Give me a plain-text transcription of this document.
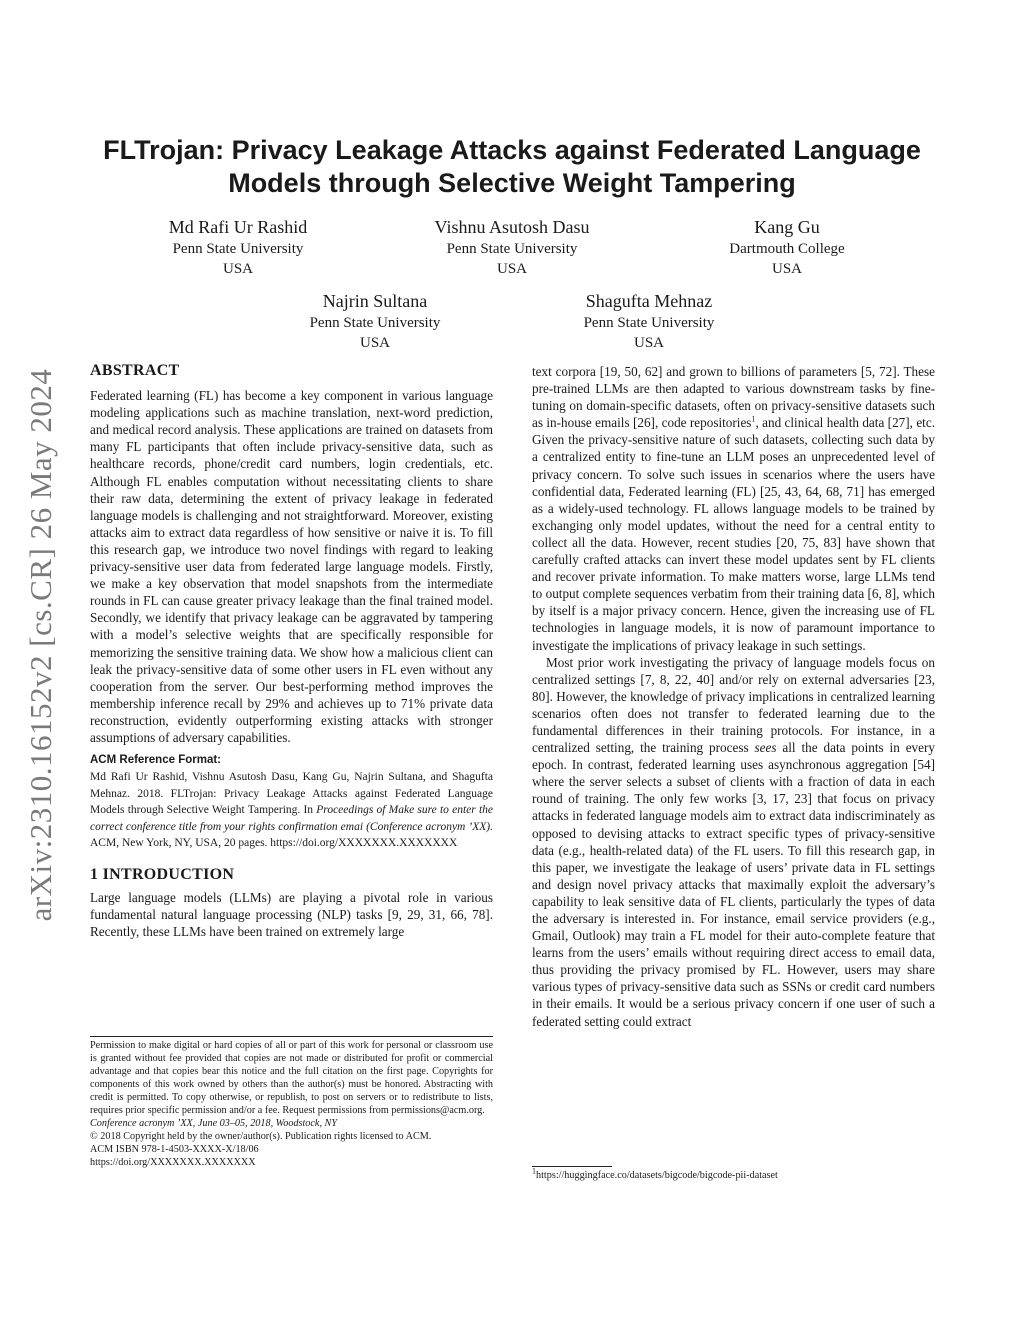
arXiv:2310.16152v2 [cs.CR] 26 May 2024
FLTrojan: Privacy Leakage Attacks against Federated Language
Models through Selective Weight Tampering
Md Rafi Ur Rashid
Penn State University
USA
Vishnu Asutosh Dasu
Penn State University
USA
Kang Gu
Dartmouth College
USA
Najrin Sultana
Penn State University
USA
Shagufta Mehnaz
Penn State University
USA
ABSTRACT

Federated learning (FL) has become a key component in various language modeling applications such as machine translation, next-word prediction, and medical record analysis. These applications are trained on datasets from many FL participants that often include privacy-sensitive data, such as healthcare records, phone/credit card numbers, login credentials, etc. Although FL enables computation without necessitating clients to share their raw data, determining the extent of privacy leakage in federated language models is challenging and not straightforward. Moreover, existing attacks aim to extract data regardless of how sensitive or naive it is. To fill this research gap, we introduce two novel findings with regard to leaking privacy-sensitive user data from federated large language models. Firstly, we make a key observation that model snapshots from the intermediate rounds in FL can cause greater privacy leakage than the final trained model. Secondly, we identify that privacy leakage can be aggravated by tampering with a model’s selective weights that are specifically responsible for memorizing the sensitive training data. We show how a malicious client can leak the privacy-sensitive data of some other users in FL even without any cooperation from the server. Our best-performing method improves the membership inference recall by 29% and achieves up to 71% private data reconstruction, evidently outperforming existing attacks with stronger assumptions of adversary capabilities.

ACM Reference Format:

Md Rafi Ur Rashid, Vishnu Asutosh Dasu, Kang Gu, Najrin Sultana, and Shagufta Mehnaz. 2018. FLTrojan: Privacy Leakage Attacks against Federated Language Models through Selective Weight Tampering. In Proceedings of Make sure to enter the correct conference title from your rights confirmation emai (Conference acronym ’XX). ACM, New York, NY, USA, 20 pages. https://doi.org/XXXXXXX.XXXXXXX

1 INTRODUCTION

Large language models (LLMs) are playing a pivotal role in various fundamental natural language processing (NLP) tasks [9, 29, 31, 66, 78]. Recently, these LLMs have been trained on extremely large

Permission to make digital or hard copies of all or part of this work for personal or classroom use is granted without fee provided that copies are not made or distributed for profit or commercial advantage and that copies bear this notice and the full citation on the first page. Copyrights for components of this work owned by others than the author(s) must be honored. Abstracting with credit is permitted. To copy otherwise, or republish, to post on servers or to redistribute to lists, requires prior specific permission and/or a fee. Request permissions from permissions@acm.org.

Conference acronym ’XX, June 03–05, 2018, Woodstock, NY

© 2018 Copyright held by the owner/author(s). Publication rights licensed to ACM.

ACM ISBN 978-1-4503-XXXX-X/18/06

https://doi.org/XXXXXXX.XXXXXXX

text corpora [19, 50, 62] and grown to billions of parameters [5, 72]. These pre-trained LLMs are then adapted to various downstream tasks by fine-tuning on domain-specific datasets, often on privacy-sensitive datasets such as in-house emails [26], code repositories$^1$, and clinical health data [27], etc. Given the privacy-sensitive nature of such datasets, collecting such data by a centralized entity to fine-tune an LLM poses an unprecedented level of privacy concern. To solve such issues in scenarios where the users have confidential data, Federated learning (FL) [25, 43, 64, 68, 71] has emerged as a widely-used technology. FL allows language models to be trained by exchanging only model updates, without the need for a central entity to collect all the data. However, recent studies [20, 75, 83] have shown that carefully crafted attacks can invert these model updates sent by FL clients and recover private information. To make matters worse, large LLMs tend to output complete sequences verbatim from their training data [6, 8], which by itself is a major privacy concern. Hence, given the increasing use of FL technologies in language models, it is now of paramount importance to investigate the implications of privacy leakage in such settings.

Most prior work investigating the privacy of language models focus on centralized settings [7, 8, 22, 40] and/or rely on external adversaries [23, 80]. However, the knowledge of privacy implications in centralized learning scenarios often does not transfer to federated learning due to the fundamental differences in their training protocols. For instance, in a centralized setting, the training process sees all the data points in every epoch. In contrast, federated learning uses asynchronous aggregation [54] where the server selects a subset of clients with a fraction of data in each round of training. The only few works [3, 17, 23] that focus on privacy attacks in federated language models aim to extract data indiscriminately as opposed to devising attacks to extract specific types of privacy-sensitive data (e.g., health-related data) of the FL users. To fill this research gap, in this paper, we investigate the leakage of users’ private data in FL settings and design novel privacy attacks that maximally exploit the adversary’s capability to leak sensitive data of FL clients, particularly the types of data the adversary is interested in. For instance, email service providers (e.g., Gmail, Outlook) may train a FL model for their auto-complete feature that learns from the users’ emails without requiring direct access to email data, thus providing the privacy promised by FL. However, users may share various types of privacy-sensitive data such as SSNs or credit card numbers in their emails. It would be a serious privacy concern if one user of such a federated setting could extract

$^1$https://huggingface.co/datasets/bigcode/bigcode-pii-dataset
